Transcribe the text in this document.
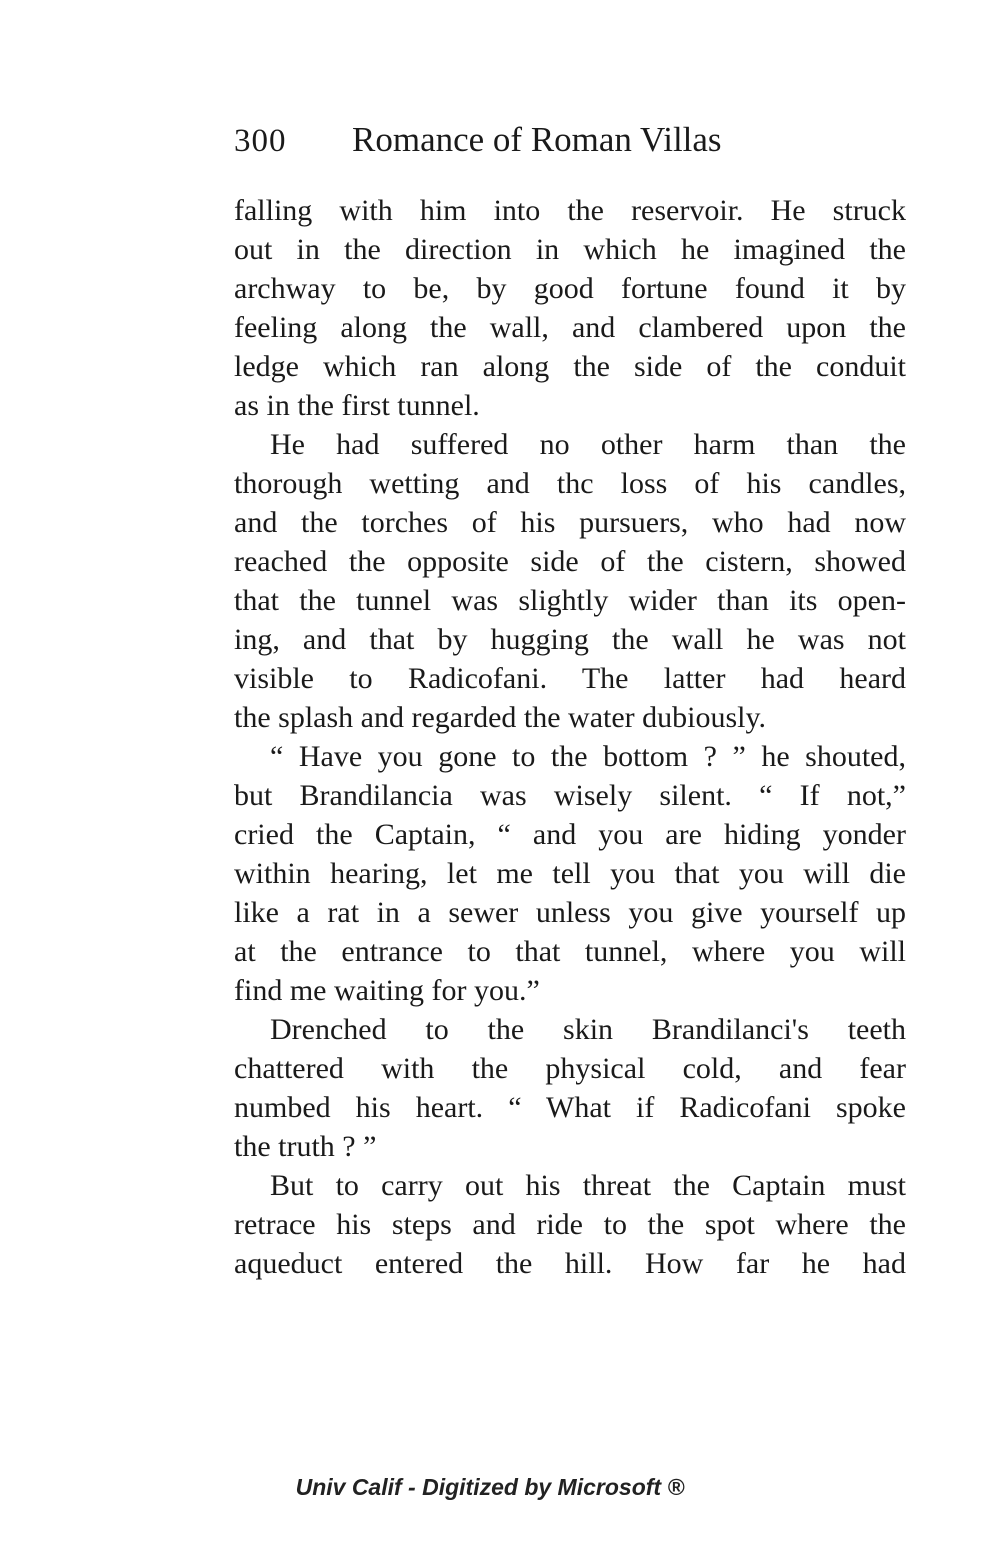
300 Romance of Roman Villas
falling with him into the reservoir. He struck
out in the direction in which he imagined the
archway to be, by good fortune found it by
feeling along the wall, and clambered upon the
ledge which ran along the side of the conduit
as in the first tunnel.
He had suffered no other harm than the
thorough wetting and thc loss of his candles,
and the torches of his pursuers, who had now
reached the opposite side of the cistern, showed
that the tunnel was slightly wider than its open-
ing, and that by hugging the wall he was not
visible to Radicofani. The latter had heard
the splash and regarded the water dubiously.
“ Have you gone to the bottom ? ” he shouted,
but Brandilancia was wisely silent. “ If not,”
cried the Captain, “ and you are hiding yonder
within hearing, let me tell you that you will die
like a rat in a sewer unless you give yourself up
at the entrance to that tunnel, where you will
find me waiting for you.”
Drenched to the skin Brandilanci's teeth
chattered with the physical cold, and fear
numbed his heart. “ What if Radicofani spoke
the truth ? ”
But to carry out his threat the Captain must
retrace his steps and ride to the spot where the
aqueduct entered the hill. How far he had
Univ Calif - Digitized by Microsoft ®
